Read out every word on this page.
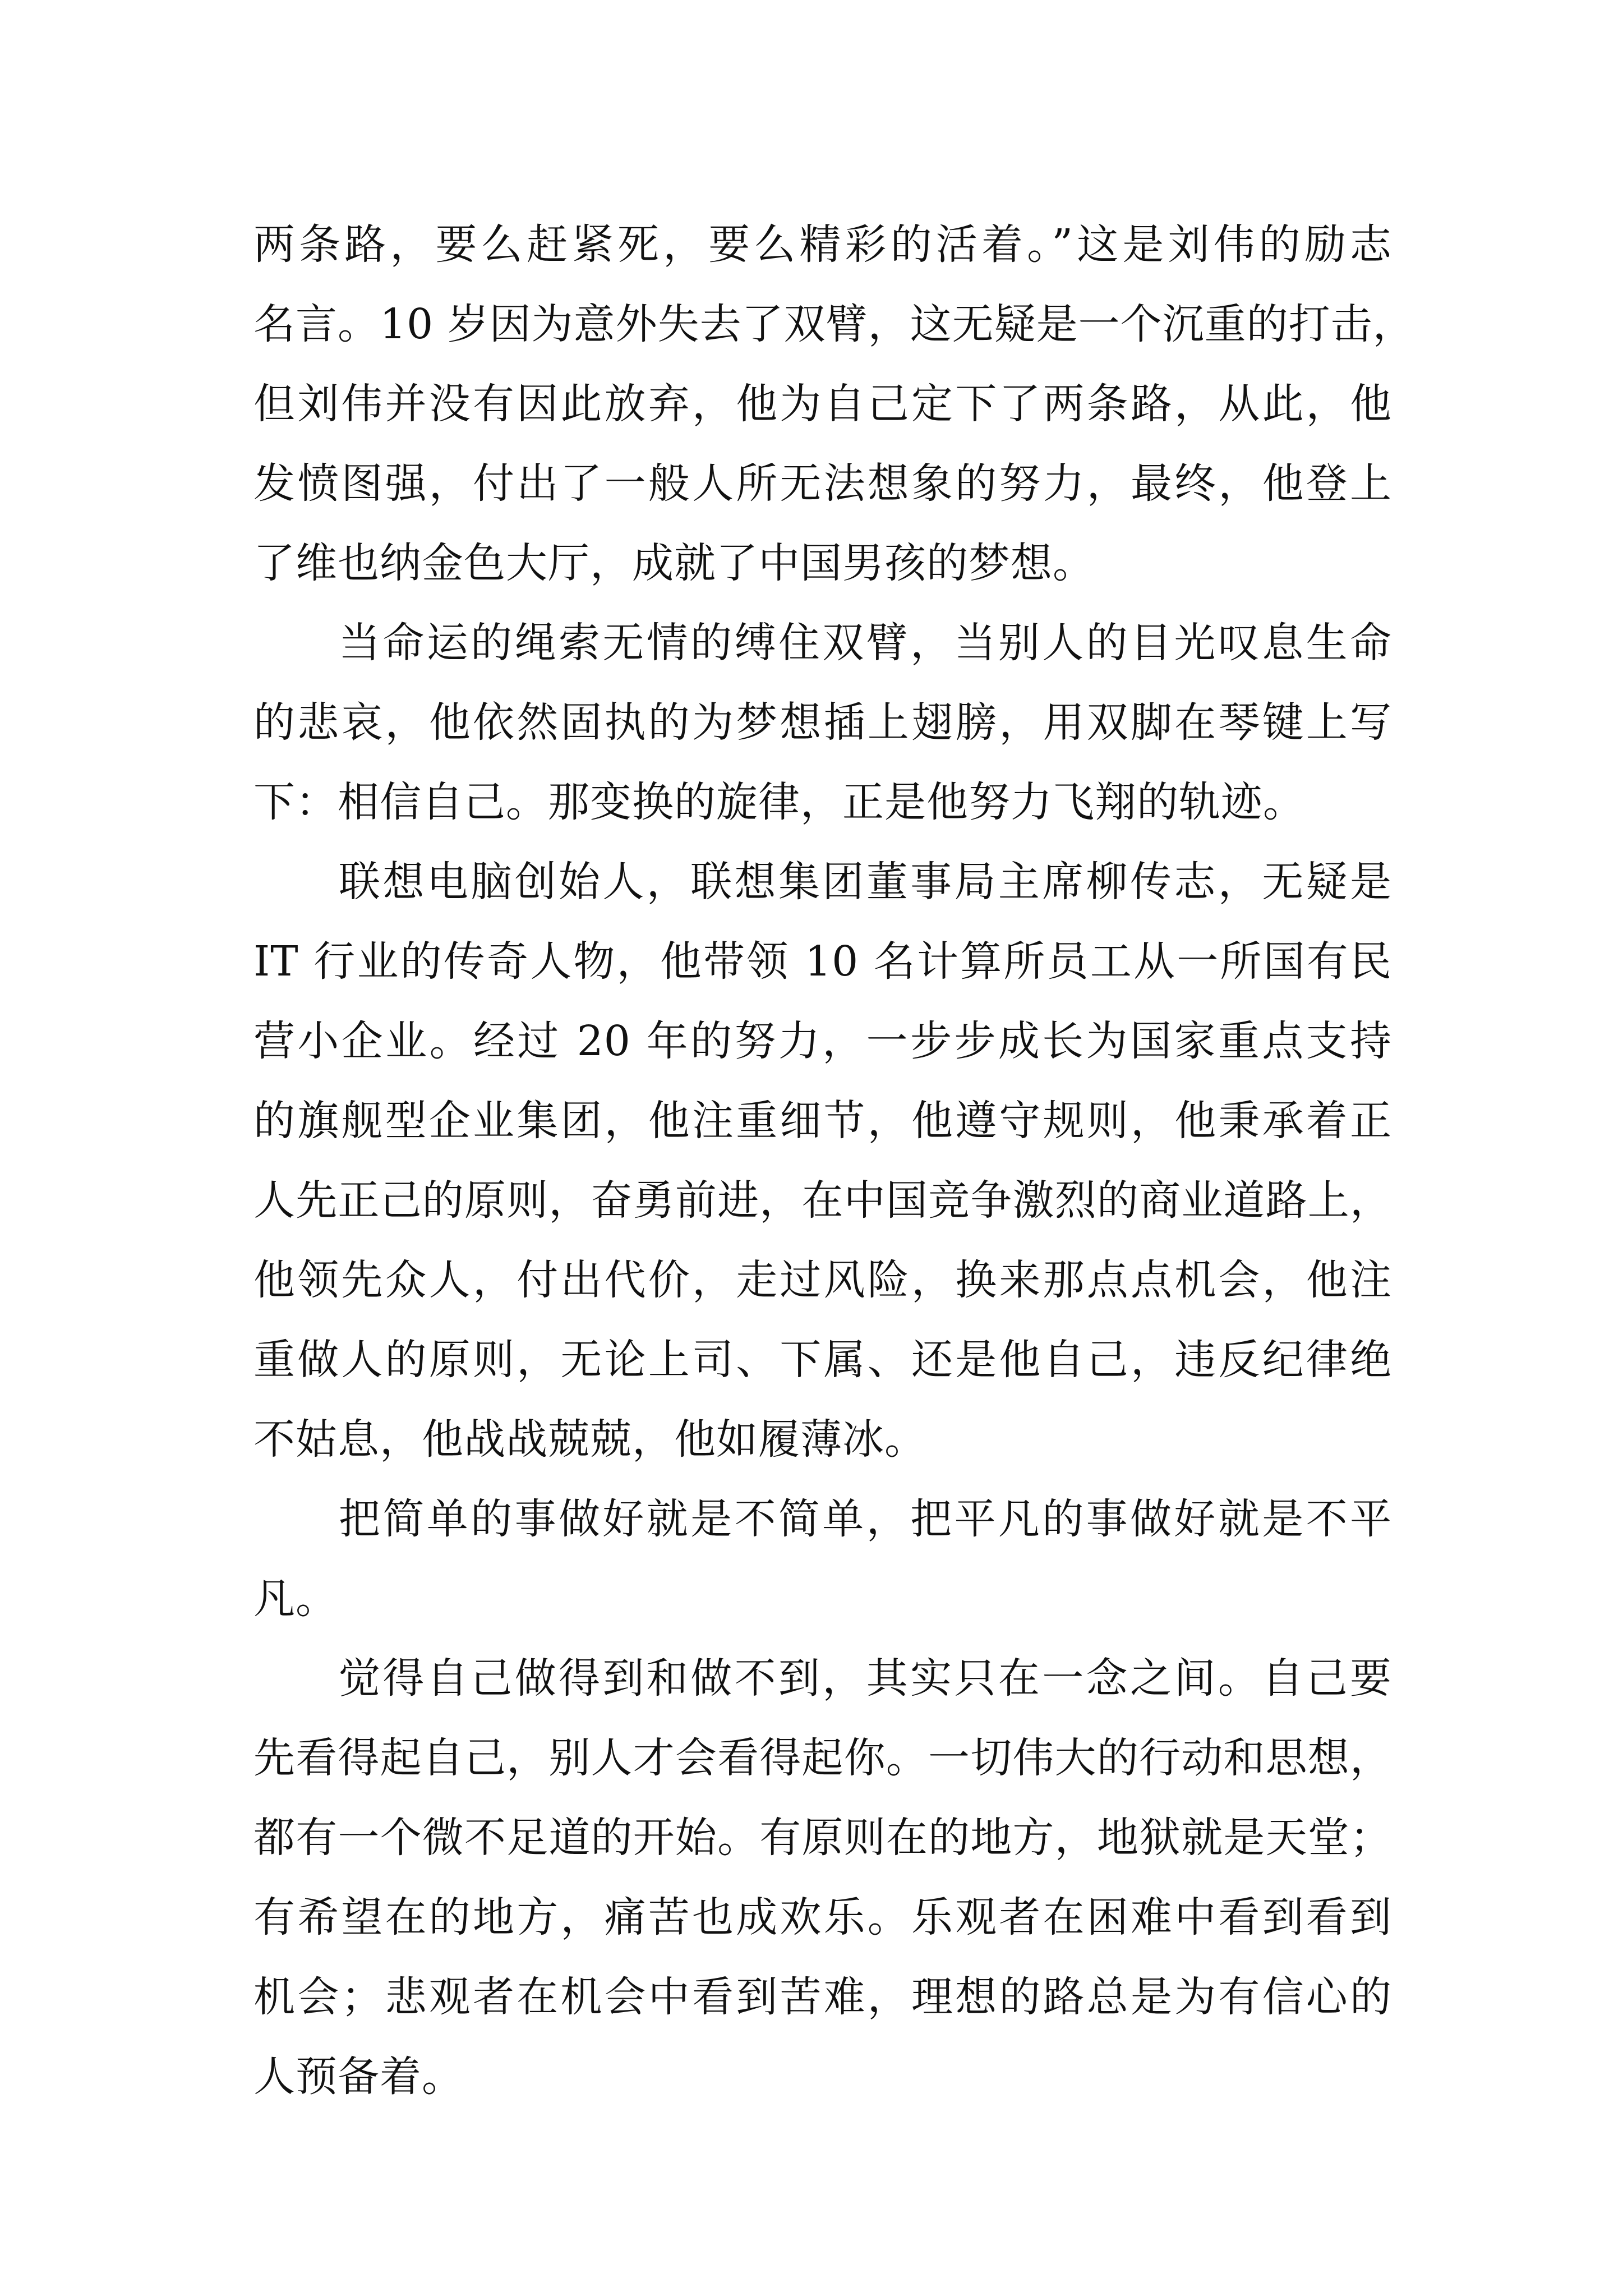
两条路，要么赶紧死，要么精彩的活着。”这是刘伟的励志
名言。10 岁因为意外失去了双臂，这无疑是一个沉重的打击，
但刘伟并没有因此放弃，他为自己定下了两条路，从此，他
发愤图强，付出了一般人所无法想象的努力，最终，他登上
了维也纳金色大厅，成就了中国男孩的梦想。
当命运的绳索无情的缚住双臂，当别人的目光叹息生命
的悲哀，他依然固执的为梦想插上翅膀，用双脚在琴键上写
下：相信自己。那变换的旋律，正是他努力飞翔的轨迹。
联想电脑创始人，联想集团董事局主席柳传志，无疑是
IT 行业的传奇人物，他带领 10 名计算所员工从一所国有民
营小企业。经过 20 年的努力，一步步成长为国家重点支持
的旗舰型企业集团，他注重细节，他遵守规则，他秉承着正
人先正己的原则，奋勇前进，在中国竞争激烈的商业道路上，
他领先众人，付出代价，走过风险，换来那点点机会，他注
重做人的原则，无论上司、下属、还是他自己，违反纪律绝
不姑息，他战战兢兢，他如履薄冰。
把简单的事做好就是不简单，把平凡的事做好就是不平
凡。
觉得自己做得到和做不到，其实只在一念之间。自己要
先看得起自己，别人才会看得起你。一切伟大的行动和思想，
都有一个微不足道的开始。有原则在的地方，地狱就是天堂；
有希望在的地方，痛苦也成欢乐。乐观者在困难中看到看到
机会；悲观者在机会中看到苦难，理想的路总是为有信心的
人预备着。
